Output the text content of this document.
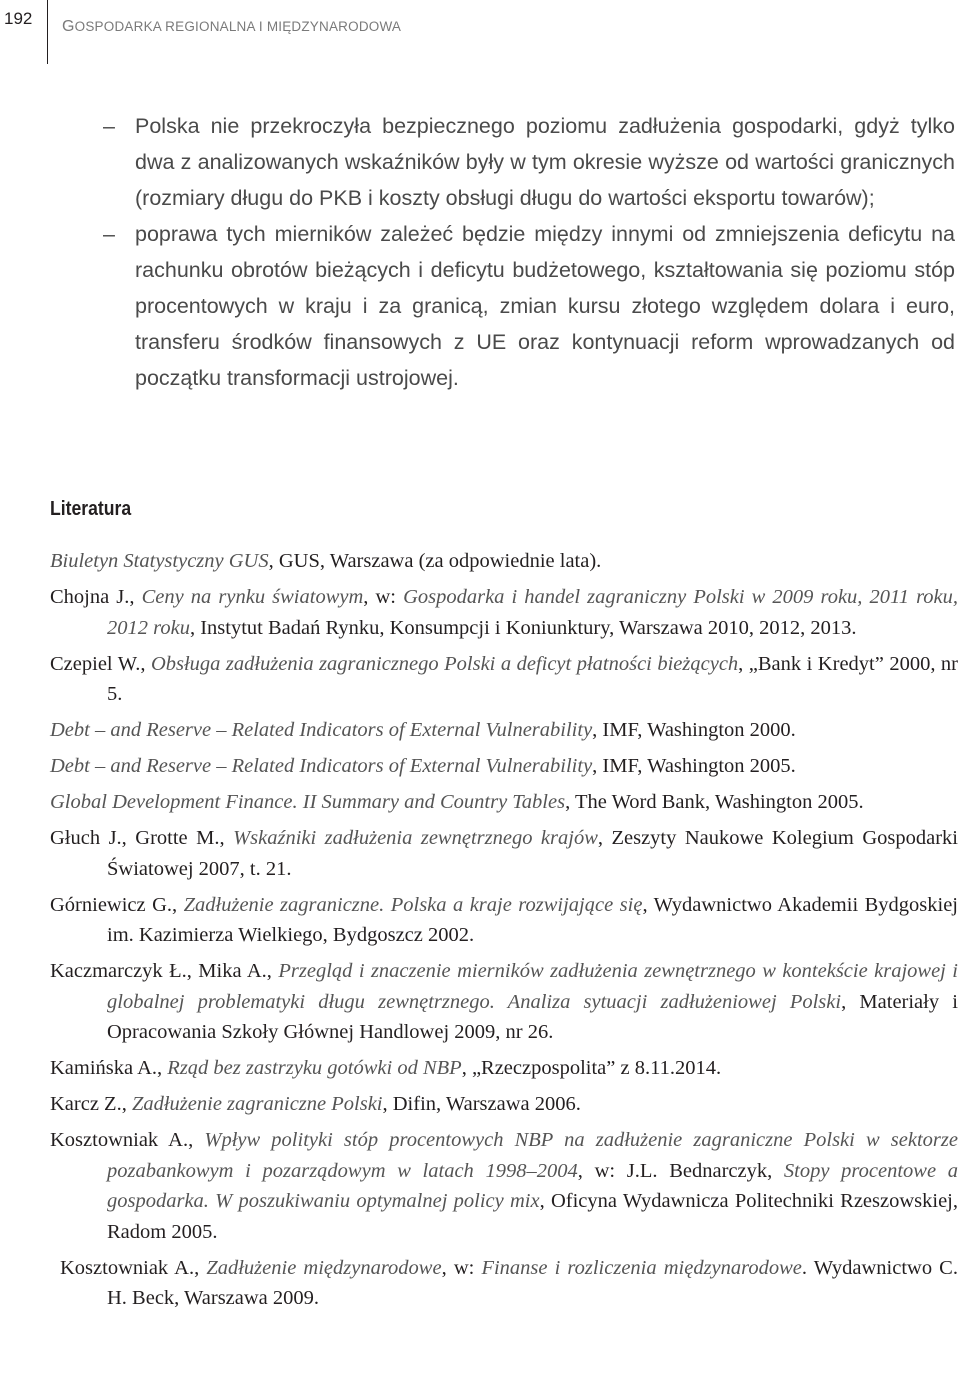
192 GOSPODARKA REGIONALNA I MIĘDZYNARODOWA
– Polska nie przekroczyła bezpiecznego poziomu zadłużenia gospodarki, gdyż tylko dwa z analizowanych wskaźników były w tym okresie wyższe od wartości granicznych (rozmiary długu do PKB i koszty obsługi długu do wartości eksportu towarów);
– poprawa tych mierników zależeć będzie między innymi od zmniejszenia deficytu na rachunku obrotów bieżących i deficytu budżetowego, kształtowania się poziomu stóp procentowych w kraju i za granicą, zmian kursu złotego względem dolara i euro, transferu środków finansowych z UE oraz kontynuacji reform wprowadzanych od początku transformacji ustrojowej.
Literatura
Biuletyn Statystyczny GUS, GUS, Warszawa (za odpowiednie lata).
Chojna J., Ceny na rynku światowym, w: Gospodarka i handel zagraniczny Polski w 2009 roku, 2011 roku, 2012 roku, Instytut Badań Rynku, Konsumpcji i Koniunktury, Warszawa 2010, 2012, 2013.
Czepiel W., Obsługa zadłużenia zagranicznego Polski a deficyt płatności bieżących, „Bank i Kredyt” 2000, nr 5.
Debt – and Reserve – Related Indicators of External Vulnerability, IMF, Washington 2000.
Debt – and Reserve – Related Indicators of External Vulnerability, IMF, Washington 2005.
Global Development Finance. II Summary and Country Tables, The Word Bank, Washington 2005.
Głuch J., Grotte M., Wskaźniki zadłużenia zewnętrznego krajów, Zeszyty Naukowe Kolegium Gospodarki Światowej 2007, t. 21.
Górniewicz G., Zadłużenie zagraniczne. Polska a kraje rozwijające się, Wydawnictwo Akademii Bydgoskiej im. Kazimierza Wielkiego, Bydgoszcz 2002.
Kaczmarczyk Ł., Mika A., Przegląd i znaczenie mierników zadłużenia zewnętrznego w kontekście krajowej i globalnej problematyki długu zewnętrznego. Analiza sytuacji zadłużeniowej Polski, Materiały i Opracowania Szkoły Głównej Handlowej 2009, nr 26.
Kamińska A., Rząd bez zastrzyku gotówki od NBP, „Rzeczpospolita” z 8.11.2014.
Karcz Z., Zadłużenie zagraniczne Polski, Difin, Warszawa 2006.
Kosztowniak A., Wpływ polityki stóp procentowych NBP na zadłużenie zagraniczne Polski w sektorze pozabankowym i pozarządowym w latach 1998–2004, w: J.L. Bednarczyk, Stopy procentowe a gospodarka. W poszukiwaniu optymalnej policy mix, Oficyna Wydawnicza Politechniki Rzeszowskiej, Radom 2005.
Kosztowniak A., Zadłużenie międzynarodowe, w: Finanse i rozliczenia międzynarodowe. Wydawnictwo C. H. Beck, Warszawa 2009.
